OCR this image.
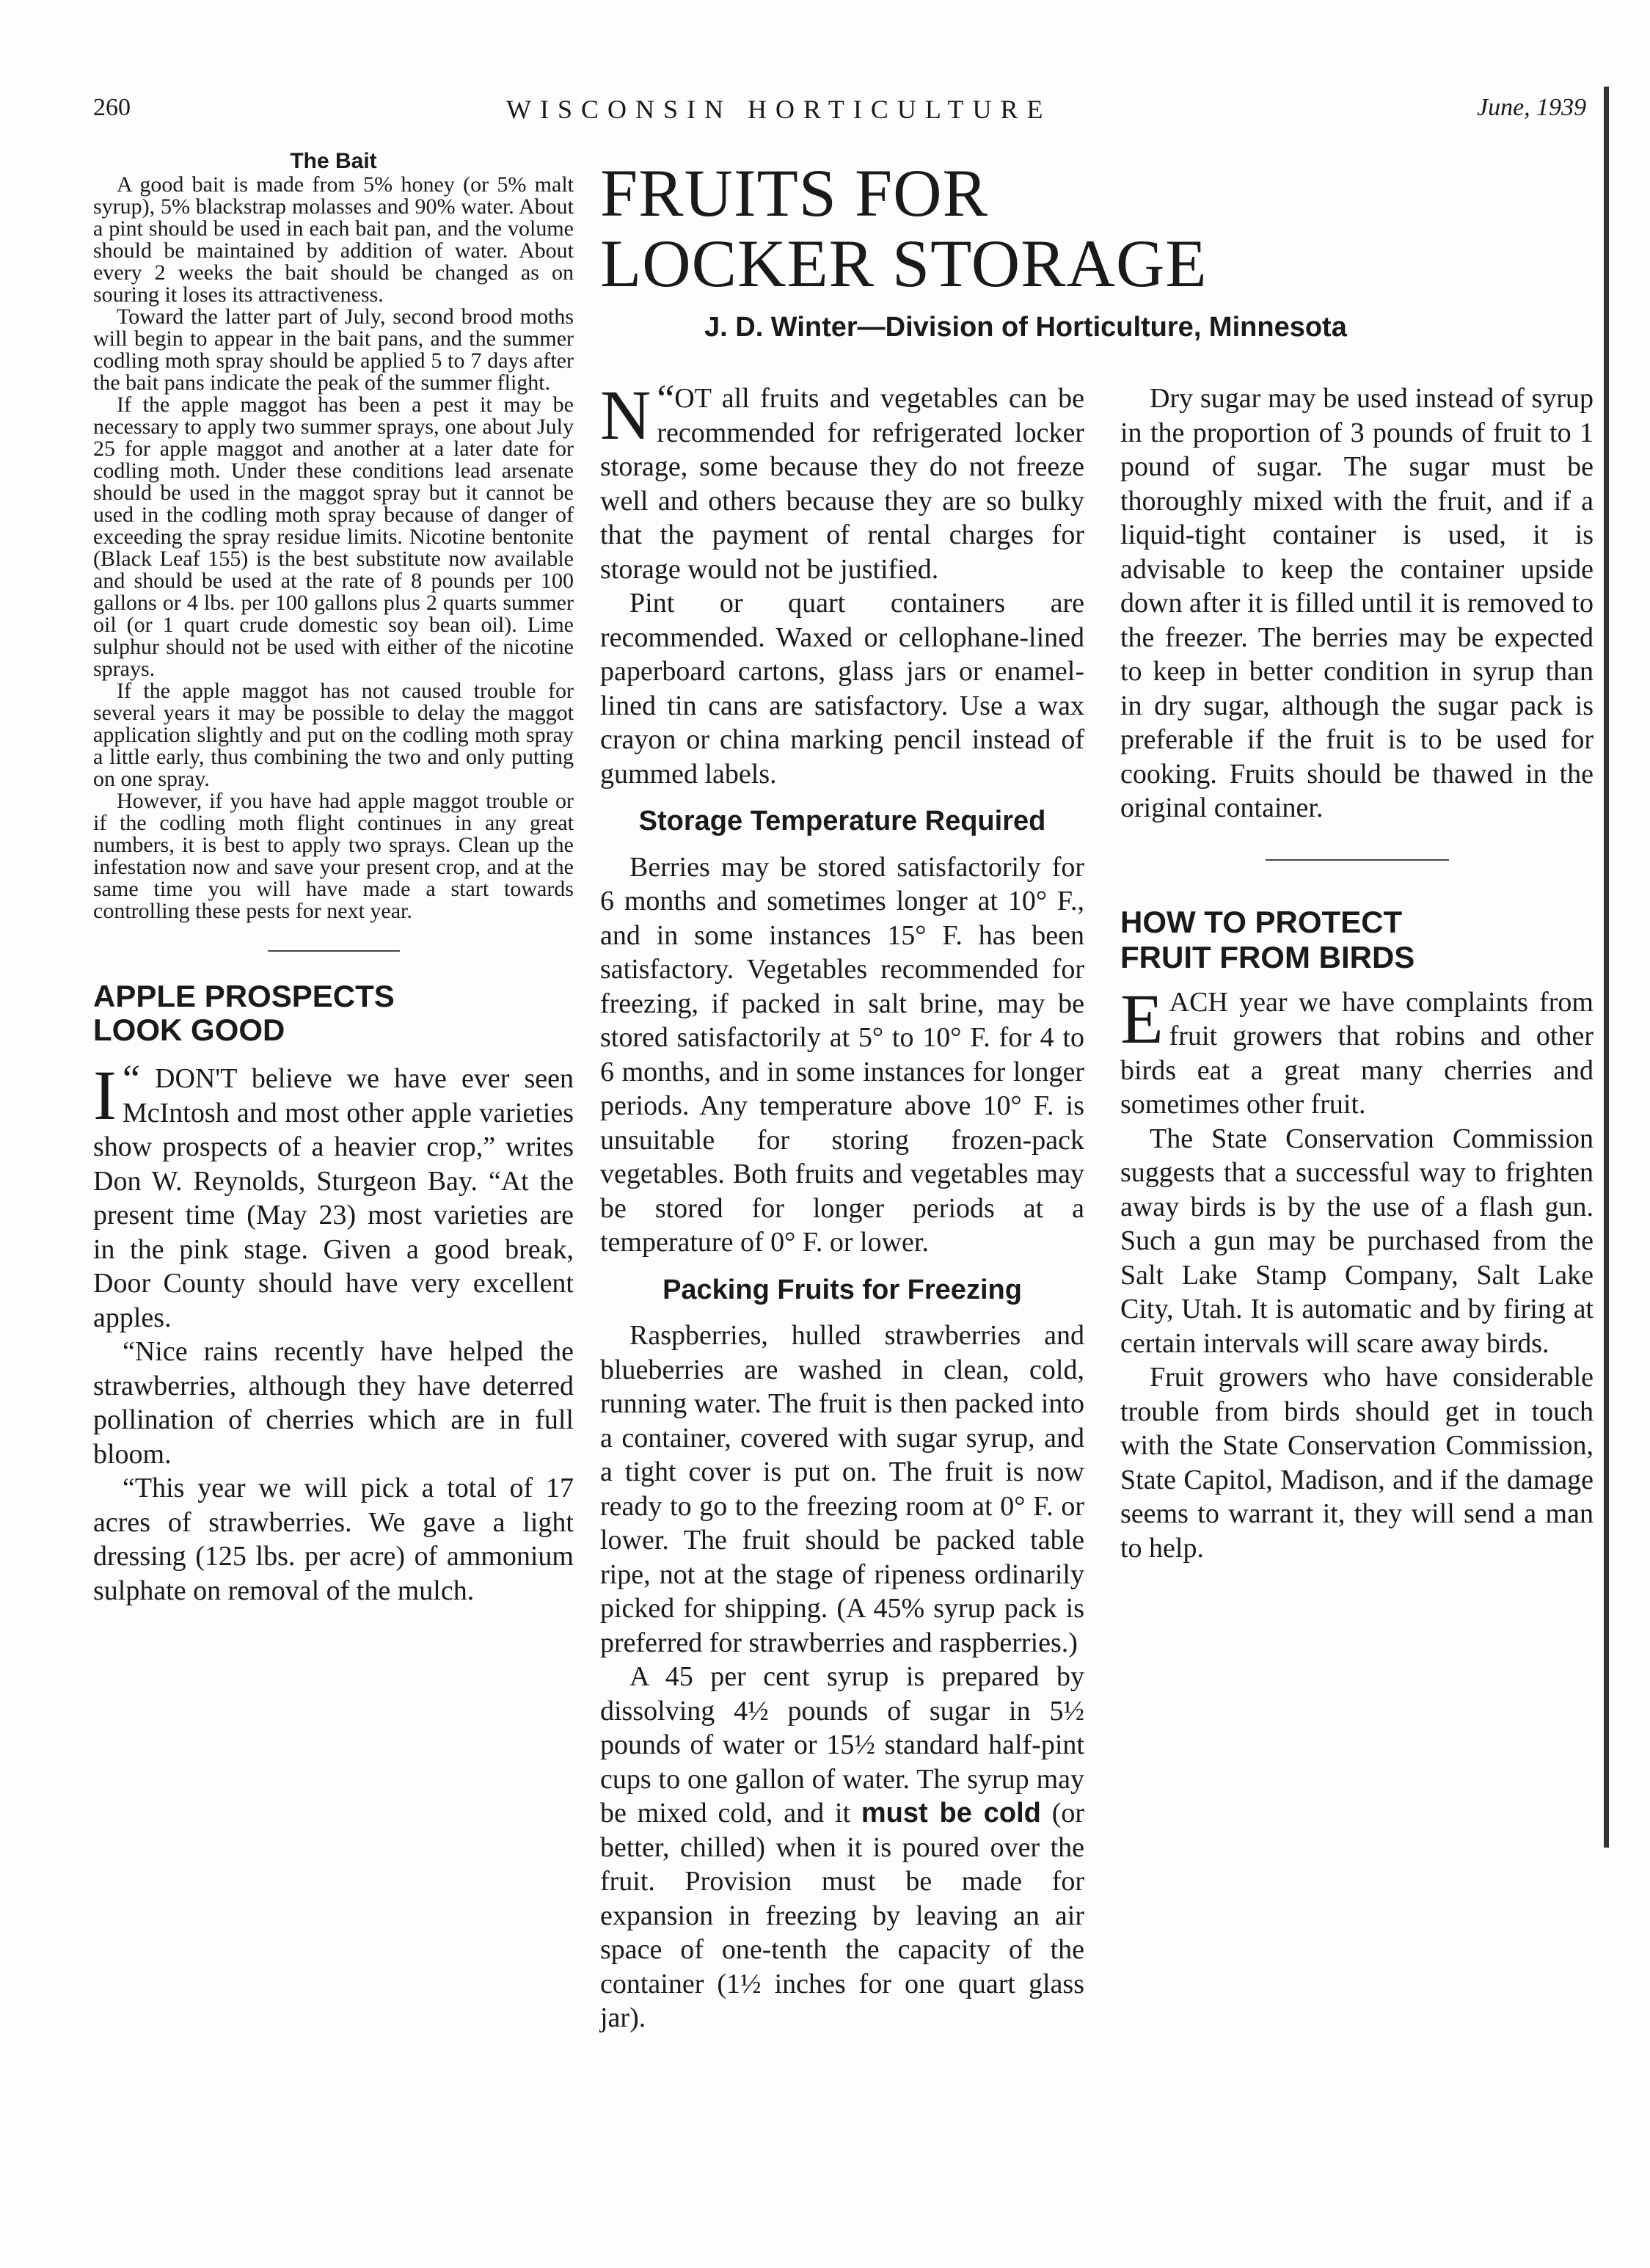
260	WISCONSIN HORTICULTURE	June, 1939
The Bait

A good bait is made from 5% honey (or 5% malt syrup), 5% blackstrap molasses and 90% water. About a pint should be used in each bait pan, and the volume should be maintained by addition of water. About every 2 weeks the bait should be changed as on souring it loses its attractiveness.

Toward the latter part of July, second brood moths will begin to appear in the bait pans, and the summer codling moth spray should be applied 5 to 7 days after the bait pans indicate the peak of the summer flight.

If the apple maggot has been a pest it may be necessary to apply two summer sprays, one about July 25 for apple maggot and another at a later date for codling moth. Under these conditions lead arsenate should be used in the maggot spray but it cannot be used in the codling moth spray because of danger of exceeding the spray residue limits. Nicotine bentonite (Black Leaf 155) is the best substitute now available and should be used at the rate of 8 pounds per 100 gallons or 4 lbs. per 100 gallons plus 2 quarts summer oil (or 1 quart crude domestic soy bean oil). Lime sulphur should not be used with either of the nicotine sprays.

If the apple maggot has not caused trouble for several years it may be possible to delay the maggot application slightly and put on the codling moth spray a little early, thus combining the two and only putting on one spray.

However, if you have had apple maggot trouble or if the codling moth flight continues in any great numbers, it is best to apply two sprays. Clean up the infestation now and save your present crop, and at the same time you will have made a start towards controlling these pests for next year.

APPLE PROSPECTS
LOOK GOOD

“
I DON'T believe we have ever seen McIntosh and most other apple varieties show prospects of a heavier crop,” writes Don W. Reynolds, Sturgeon Bay. “At the present time (May 23) most varieties are in the pink stage. Given a good break, Door County should have very excellent apples.

“Nice rains recently have helped the strawberries, although they have deterred pollination of cherries which are in full bloom.

“This year we will pick a total of 17 acres of strawberries. We gave a light dressing (125 lbs. per acre) of ammonium sulphate on removal of the mulch.

FRUITS FOR
LOCKER STORAGE
J. D. Winter—Division of Horticulture, Minnesota

“
N OT all fruits and vegetables can be recommended for refrigerated locker storage, some because they do not freeze well and others because they are so bulky that the payment of rental charges for storage would not be justified.

Pint or quart containers are recommended. Waxed or cellophane-lined paperboard cartons, glass jars or enamel-lined tin cans are satisfactory. Use a wax crayon or china marking pencil instead of gummed labels.

Storage Temperature Required

Berries may be stored satisfactorily for 6 months and sometimes longer at 10° F., and in some instances 15° F. has been satisfactory. Vegetables recommended for freezing, if packed in salt brine, may be stored satisfactorily at 5° to 10° F. for 4 to 6 months, and in some instances for longer periods. Any temperature above 10° F. is unsuitable for storing frozen-pack vegetables. Both fruits and vegetables may be stored for longer periods at a temperature of 0° F. or lower.

Packing Fruits for Freezing

Raspberries, hulled strawberries and blueberries are washed in clean, cold, running water. The fruit is then packed into a container, covered with sugar syrup, and a tight cover is put on. The fruit is now ready to go to the freezing room at 0° F. or lower. The fruit should be packed table ripe, not at the stage of ripeness ordinarily picked for shipping. (A 45% syrup pack is preferred for strawberries and raspberries.)

A 45 per cent syrup is prepared by dissolving 4½ pounds of sugar in 5½ pounds of water or 15½ standard half-pint cups to one gallon of water. The syrup may be mixed cold, and it must be cold (or better, chilled) when it is poured over the fruit. Provision must be made for expansion in freezing by leaving an air space of one-tenth the capacity of the container (1½ inches for one quart glass jar).

Dry sugar may be used instead of syrup in the proportion of 3 pounds of fruit to 1 pound of sugar. The sugar must be thoroughly mixed with the fruit, and if a liquid-tight container is used, it is advisable to keep the container upside down after it is filled until it is removed to the freezer. The berries may be expected to keep in better condition in syrup than in dry sugar, although the sugar pack is preferable if the fruit is to be used for cooking. Fruits should be thawed in the original container.

HOW TO PROTECT
FRUIT FROM BIRDS

EACH year we have complaints from fruit growers that robins and other birds eat a great many cherries and sometimes other fruit.

The State Conservation Commission suggests that a successful way to frighten away birds is by the use of a flash gun. Such a gun may be purchased from the Salt Lake Stamp Company, Salt Lake City, Utah. It is automatic and by firing at certain intervals will scare away birds.

Fruit growers who have considerable trouble from birds should get in touch with the State Conservation Commission, State Capitol, Madison, and if the damage seems to warrant it, they will send a man to help.
